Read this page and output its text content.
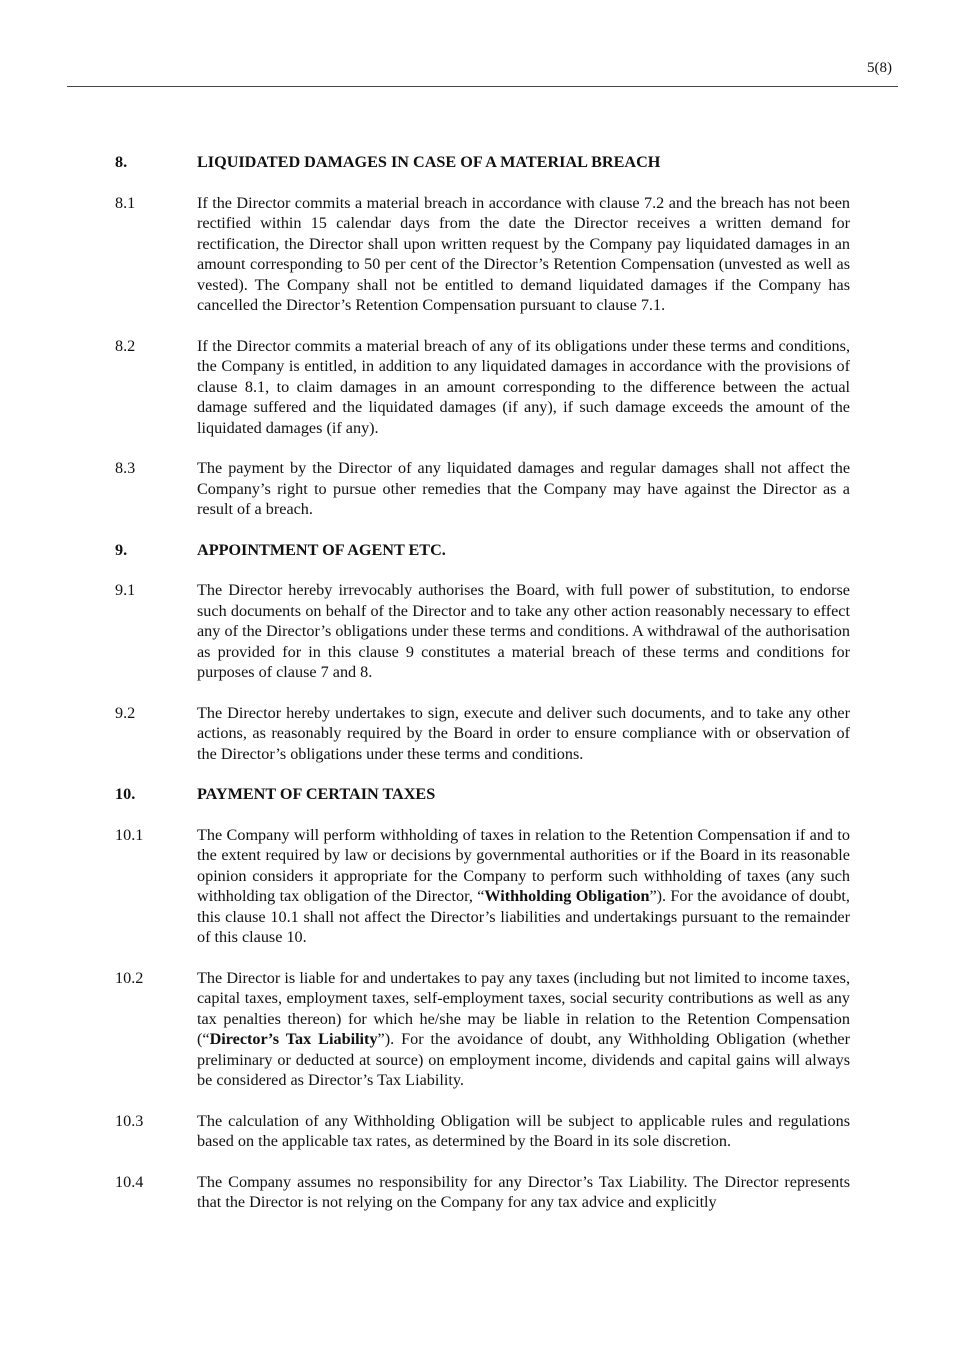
5(8)
8.	LIQUIDATED DAMAGES IN CASE OF A MATERIAL BREACH
8.1	If the Director commits a material breach in accordance with clause 7.2 and the breach has not been rectified within 15 calendar days from the date the Director receives a written demand for rectification, the Director shall upon written request by the Company pay liquidated damages in an amount corresponding to 50 per cent of the Director’s Retention Compensation (unvested as well as vested). The Company shall not be entitled to demand liquidated damages if the Company has cancelled the Director’s Retention Compensation pursuant to clause 7.1.
8.2	If the Director commits a material breach of any of its obligations under these terms and conditions, the Company is entitled, in addition to any liquidated damages in accordance with the provisions of clause 8.1, to claim damages in an amount corresponding to the difference between the actual damage suffered and the liquidated damages (if any), if such damage exceeds the amount of the liquidated damages (if any).
8.3	The payment by the Director of any liquidated damages and regular damages shall not affect the Company’s right to pursue other remedies that the Company may have against the Director as a result of a breach.
9.	APPOINTMENT OF AGENT ETC.
9.1	The Director hereby irrevocably authorises the Board, with full power of substitution, to endorse such documents on behalf of the Director and to take any other action reasonably necessary to effect any of the Director’s obligations under these terms and conditions. A withdrawal of the authorisation as provided for in this clause 9 constitutes a material breach of these terms and conditions for purposes of clause 7 and 8.
9.2	The Director hereby undertakes to sign, execute and deliver such documents, and to take any other actions, as reasonably required by the Board in order to ensure compliance with or observation of the Director’s obligations under these terms and conditions.
10.	PAYMENT OF CERTAIN TAXES
10.1	The Company will perform withholding of taxes in relation to the Retention Compensation if and to the extent required by law or decisions by governmental authorities or if the Board in its reasonable opinion considers it appropriate for the Company to perform such withholding of taxes (any such withholding tax obligation of the Director, “Withholding Obligation”). For the avoidance of doubt, this clause 10.1 shall not affect the Director’s liabilities and undertakings pursuant to the remainder of this clause 10.
10.2	The Director is liable for and undertakes to pay any taxes (including but not limited to income taxes, capital taxes, employment taxes, self-employment taxes, social security contributions as well as any tax penalties thereon) for which he/she may be liable in relation to the Retention Compensation (“Director’s Tax Liability”). For the avoidance of doubt, any Withholding Obligation (whether preliminary or deducted at source) on employment income, dividends and capital gains will always be considered as Director’s Tax Liability.
10.3	The calculation of any Withholding Obligation will be subject to applicable rules and regulations based on the applicable tax rates, as determined by the Board in its sole discretion.
10.4	The Company assumes no responsibility for any Director’s Tax Liability. The Director represents that the Director is not relying on the Company for any tax advice and explicitly
